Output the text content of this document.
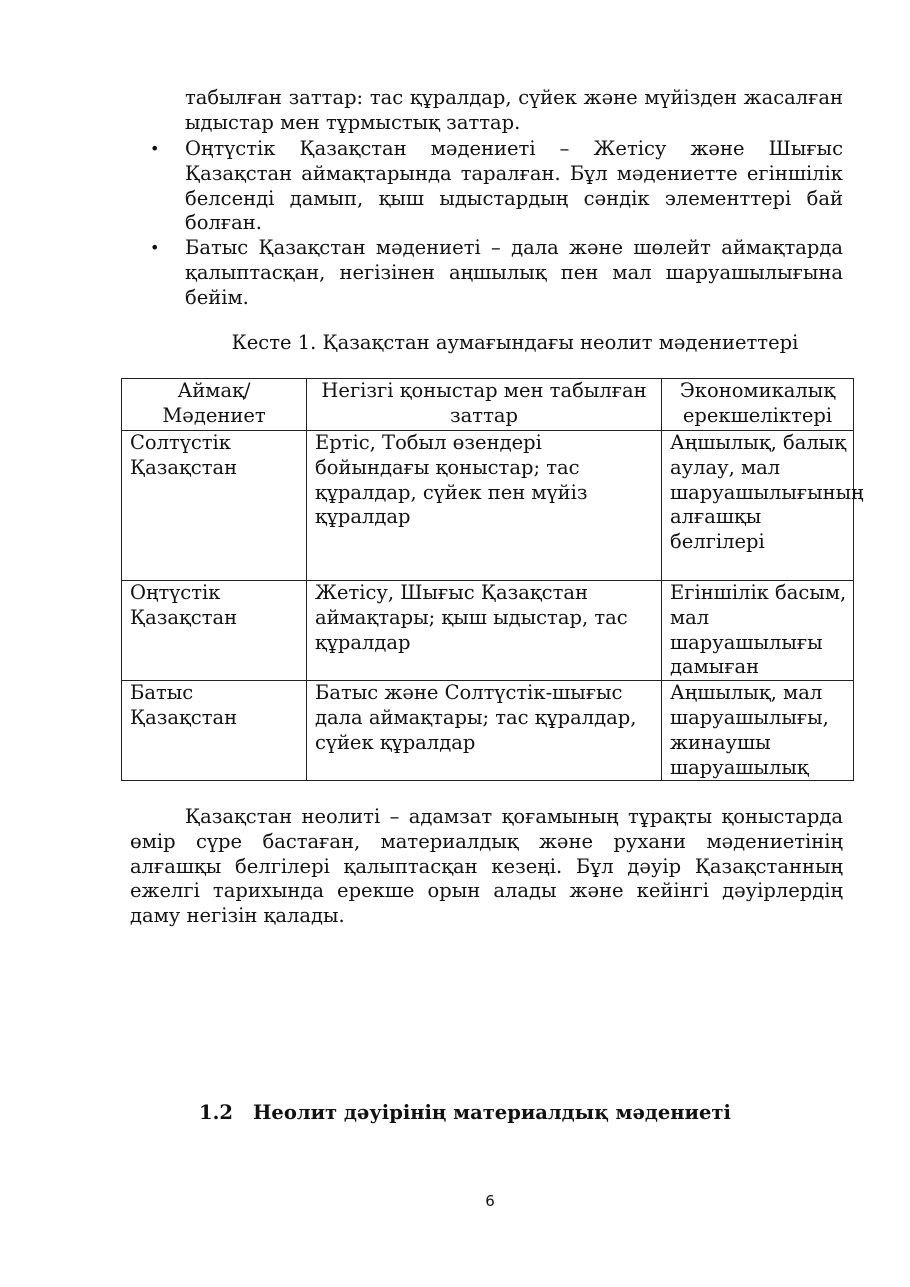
табылған заттар: тас құралдар, сүйек және мүйізден жасалған ыдыстар мен тұрмыстық заттар.
•	Оңтүстік Қазақстан мәдениеті – Жетісу және Шығыс Қазақстан аймақтарында таралған. Бұл мәдениетте егіншілік белсенді дамып, қыш ыдыстардың сәндік элементтері бай болған.
•	Батыс Қазақстан мәдениеті – дала және шөлейт аймақтарда қалыптасқан, негізінен аңшылық пен мал шаруашылығына бейім.
Кесте 1. Қазақстан аумағындағы неолит мәдениеттері
Аймақ/ Мәдениет	Негізгі қоныстар мен табылған заттар	Экономикалық ерекшеліктері
Солтүстік Қазақстан	Ертіс, Тобыл өзендері бойындағы қоныстар; тас құралдар, сүйек пен мүйіз құралдар	Аңшылық, балық аулау, мал шаруашылығының алғашқы белгілері
Оңтүстік Қазақстан	Жетісу, Шығыс Қазақстан аймақтары; қыш ыдыстар, тас құралдар	Егіншілік басым, мал шаруашылығы дамыған
Батыс Қазақстан	Батыс және Солтүстік-шығыс дала аймақтары; тас құралдар, сүйек құралдар	Аңшылық, мал шаруашылығы, жинаушы шаруашылық
Қазақстан неолиті – адамзат қоғамының тұрақты қоныстарда өмір сүре бастаған, материалдық және рухани мәдениетінің алғашқы белгілері қалыптасқан кезеңі. Бұл дәуір Қазақстанның ежелгі тарихында ерекше орын алады және кейінгі дәуірлердің даму негізін қалады.
1.2 Неолит дәуірінің материалдық мәдениеті
6
